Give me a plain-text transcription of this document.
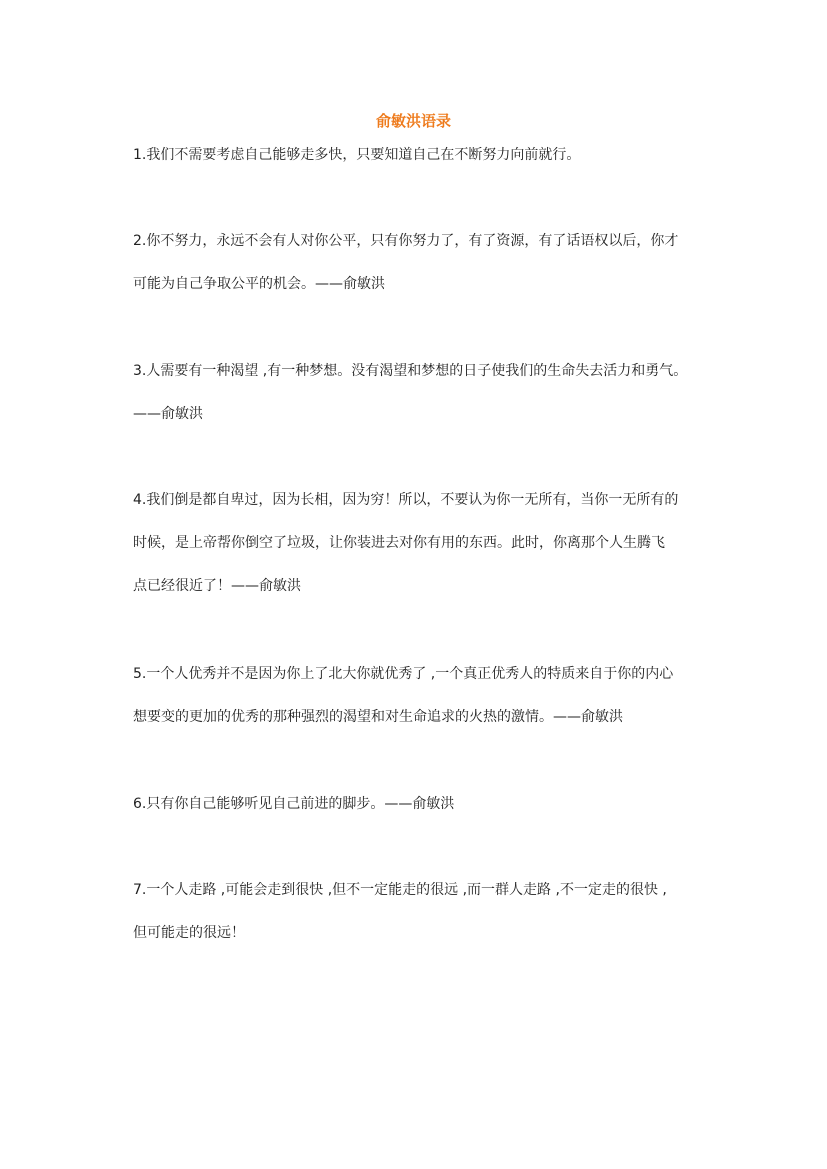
俞敏洪语录
1.我们不需要考虑自己能够走多快，只要知道自己在不断努力向前就行。
2.你不努力，永远不会有人对你公平，只有你努力了，有了资源，有了话语权以后，你才
可能为自己争取公平的机会。——俞敏洪
3.人需要有一种渴望 ,有一种梦想。没有渴望和梦想的日子使我们的生命失去活力和勇气。
——俞敏洪
4.我们倒是都自卑过，因为长相，因为穷！所以，不要认为你一无所有，当你一无所有的
时候，是上帝帮你倒空了垃圾，让你装进去对你有用的东西。此时，你离那个人生腾飞
点已经很近了！——俞敏洪
5.一个人优秀并不是因为你上了北大你就优秀了 ,一个真正优秀人的特质来自于你的内心
想要变的更加的优秀的那种强烈的渴望和对生命追求的火热的激情。——俞敏洪
6.只有你自己能够听见自己前进的脚步。——俞敏洪
7.一个人走路 ,可能会走到很快 ,但不一定能走的很远 ,而一群人走路 ,不一定走的很快 ,
但可能走的很远！
